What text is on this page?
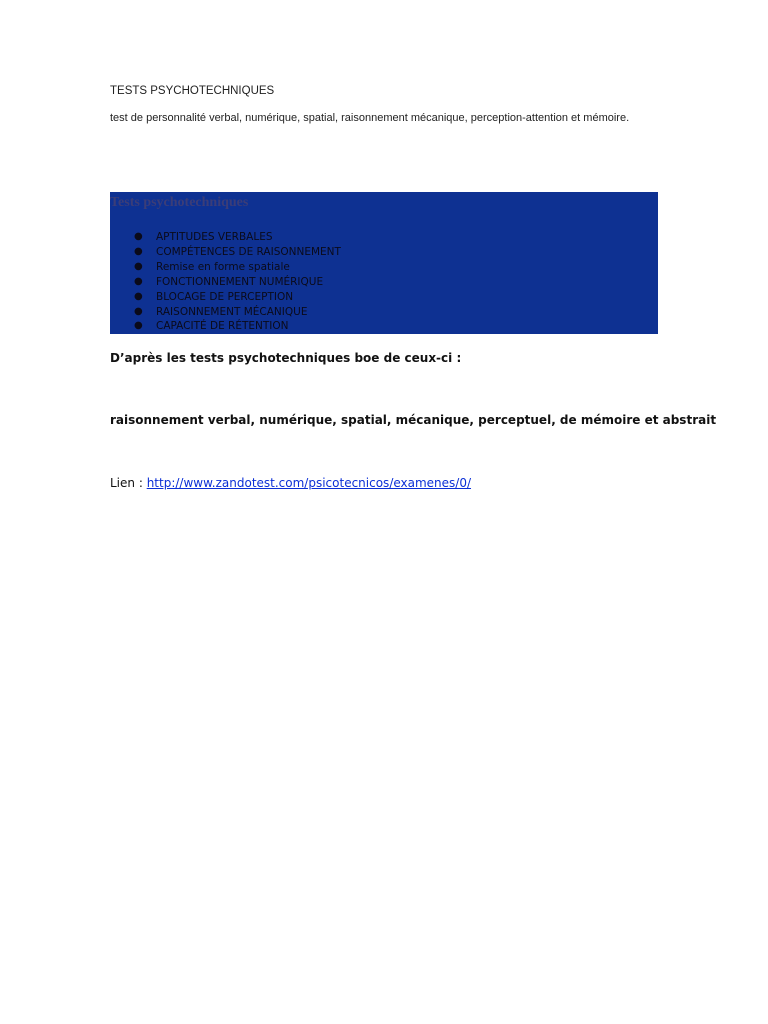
TESTS PSYCHOTECHNIQUES

test de personnalité verbal, numérique, spatial, raisonnement mécanique, perception-attention et mémoire.

Tests psychotechniques
● APTITUDES VERBALES
● COMPÉTENCES DE RAISONNEMENT
● Remise en forme spatiale
● FONCTIONNEMENT NUMÉRIQUE
● BLOCAGE DE PERCEPTION
● RAISONNEMENT MÉCANIQUE
● CAPACITÉ DE RÉTENTION

D’après les tests psychotechniques boe de ceux-ci :

raisonnement verbal, numérique, spatial, mécanique, perceptuel, de mémoire et abstrait

Lien : http://www.zandotest.com/psicotecnicos/examenes/0/
